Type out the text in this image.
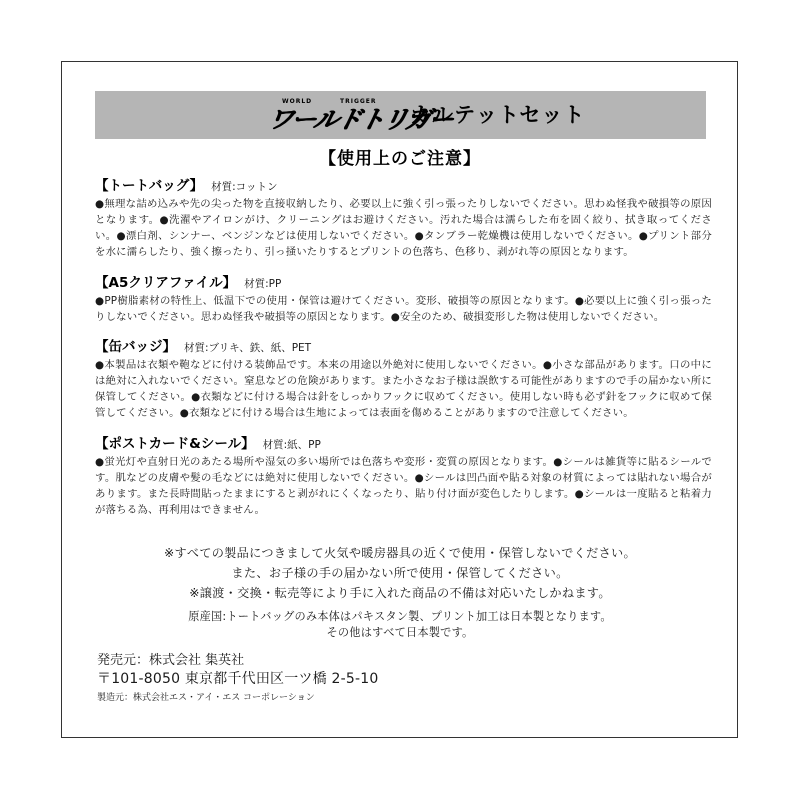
WORLD	TRIGGER
ワールドトリガー
カルテットセット
【使用上のご注意】
【トートバッグ】 材質:コットン
●無理な詰め込みや先の尖った物を直接収納したり、必要以上に強く引っ張ったりしないでください。思わぬ怪我や破損等の原因となります。●洗濯やアイロンがけ、クリーニングはお避けください。汚れた場合は濡らした布を固く絞り、拭き取ってください。●漂白剤、シンナー、ベンジンなどは使用しないでください。●タンブラー乾燥機は使用しないでください。●プリント部分を水に濡らしたり、強く擦ったり、引っ掻いたりするとプリントの色落ち、色移り、剥がれ等の原因となります。
【A5クリアファイル】 材質:PP
●PP樹脂素材の特性上、低温下での使用・保管は避けてください。変形、破損等の原因となります。●必要以上に強く引っ張ったりしないでください。思わぬ怪我や破損等の原因となります。●安全のため、破損変形した物は使用しないでください。
【缶バッジ】 材質:ブリキ、鉄、紙、PET
●本製品は衣類や鞄などに付ける装飾品です。本来の用途以外絶対に使用しないでください。●小さな部品があります。口の中には絶対に入れないでください。窒息などの危険があります。また小さなお子様は誤飲する可能性がありますので手の届かない所に保管してください。●衣類などに付ける場合は針をしっかりフックに収めてください。使用しない時も必ず針をフックに収めて保管してください。●衣類などに付ける場合は生地によっては表面を傷めることがありますので注意してください。
【ポストカード&シール】 材質:紙、PP
●蛍光灯や直射日光のあたる場所や湿気の多い場所では色落ちや変形・変質の原因となります。●シールは雑貨等に貼るシールです。肌などの皮膚や髪の毛などには絶対に使用しないでください。●シールは凹凸面や貼る対象の材質によっては貼れない場合があります。また長時間貼ったままにすると剥がれにくくなったり、貼り付け面が変色したりします。●シールは一度貼ると粘着力が落ちる為、再利用はできません。
※すべての製品につきまして火気や暖房器具の近くで使用・保管しないでください。
また、お子様の手の届かない所で使用・保管してください。
※譲渡・交換・転売等により手に入れた商品の不備は対応いたしかねます。
原産国:トートバッグのみ本体はパキスタン製、プリント加工は日本製となります。
その他はすべて日本製です。
発売元：株式会社 集英社
〒101-8050 東京都千代田区一ツ橋 2-5-10
製造元：株式会社エス・アイ・エス コーポレーション
